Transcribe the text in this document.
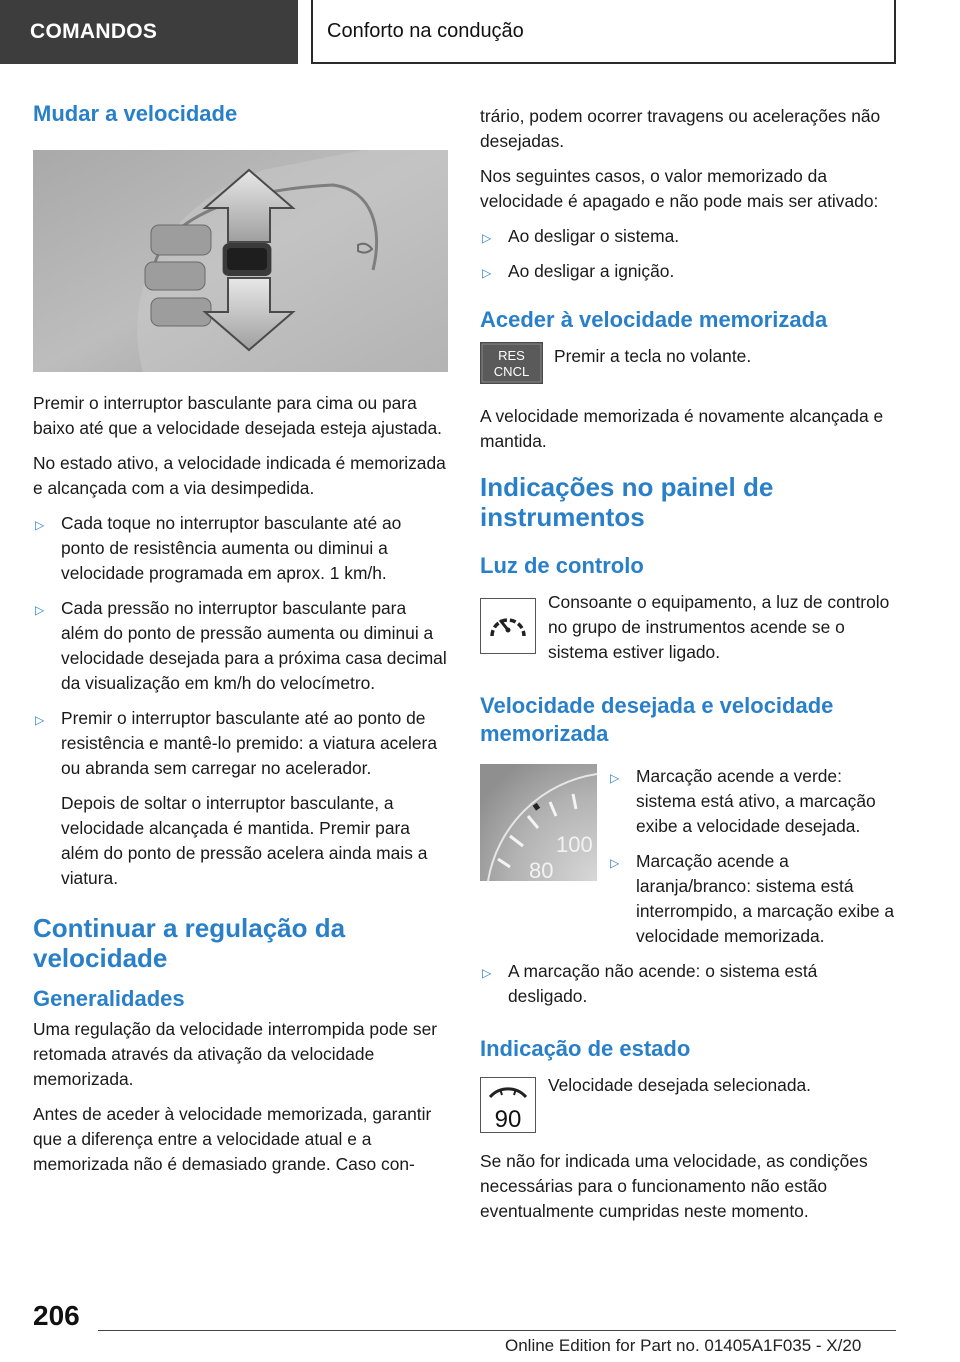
COMANDOS	Conforto na condução
Mudar a velocidade

Premir o interruptor basculante para cima ou para baixo até que a velocidade desejada esteja ajustada.

No estado ativo, a velocidade indicada é memorizada e alcançada com a via desimpedida.

▷ Cada toque no interruptor basculante até ao ponto de resistência aumenta ou diminui a velocidade programada em aprox. 1 km/h.
▷ Cada pressão no interruptor basculante para além do ponto de pressão aumenta ou diminui a velocidade desejada para a próxima casa decimal da visualização em km/h do velocímetro.
▷ Premir o interruptor basculante até ao ponto de resistência e mantê-lo premido: a viatura acelera ou abranda sem carregar no acelerador.
Depois de soltar o interruptor basculante, a velocidade alcançada é mantida. Premir para além do ponto de pressão acelera ainda mais a viatura.
Continuar a regulação da velocidade
Generalidades

Uma regulação da velocidade interrompida pode ser retomada através da ativação da velocidade memorizada.

Antes de aceder à velocidade memorizada, garantir que a diferença entre a velocidade atual e a memorizada não é demasiado grande. Caso con-

trário, podem ocorrer travagens ou acelerações não desejadas.

Nos seguintes casos, o valor memorizado da velocidade é apagado e não pode mais ser ativado:

▷ Ao desligar o sistema.
▷ Ao desligar a ignição.
Aceder à velocidade memorizada
RES
CNCL
Premir a tecla no volante.

A velocidade memorizada é novamente alcançada e mantida.

Indicações no painel de instrumentos
Luz de controlo
Consoante o equipamento, a luz de controlo no grupo de instrumentos acende se o sistema estiver ligado.
Velocidade desejada e velocidade memorizada
100
80
▷ Marcação acende a verde: sistema está ativo, a marcação exibe a velocidade desejada.
▷ Marcação acende a laranja/branco: sistema está interrompido, a marcação exibe a velocidade memorizada.
▷ A marcação não acende: o sistema está desligado.
Indicação de estado
90
Velocidade desejada selecionada.

Se não for indicada uma velocidade, as condições necessárias para o funcionamento não estão eventualmente cumpridas neste momento.

206
Online Edition for Part no. 01405A1F035 - X/20
